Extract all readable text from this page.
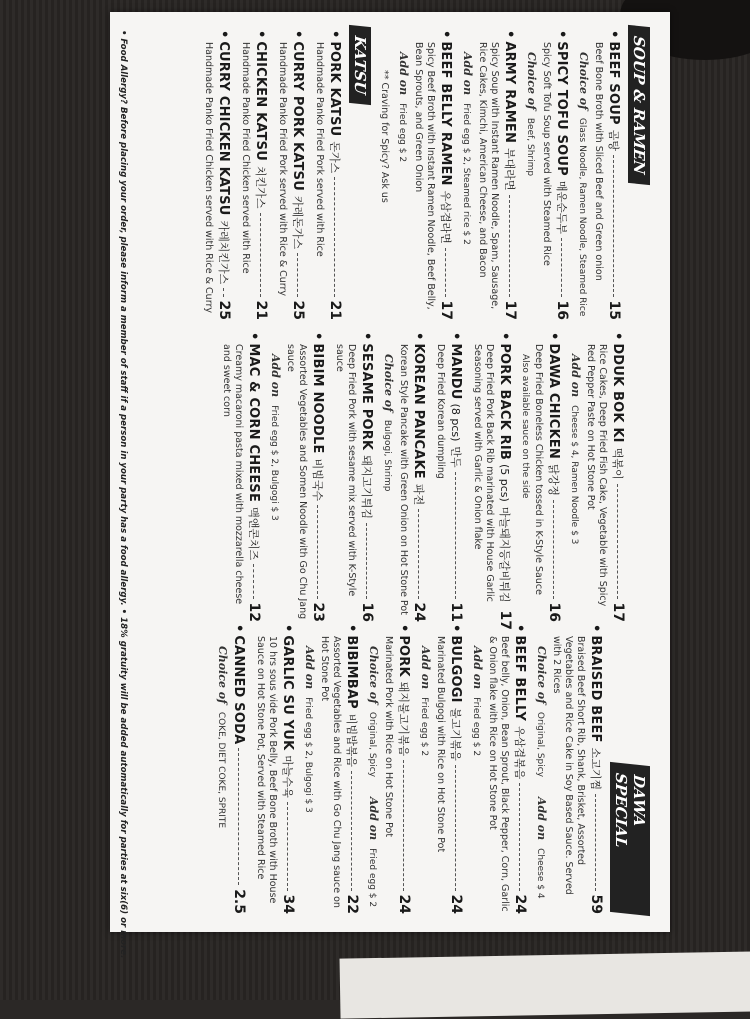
SOUP & RAMEN
•
BEEF SOUP
곰탕
15
Beef Bone Broth with Sliced Beef and Green onion
Choice ofGlass Noodle, Ramen Noodle, Steamed Rice
•
SPICY TOFU SOUP
매운순두부
16
Spicy Soft Tofu Soup served with Steamed Rice
Choice ofBeef, Shrimp
•
ARMY RAMEN
부대라면
17
Spicy Soup with Instant Ramen Noodle, Spam, Sausage, Rice Cakes, Kimchi, American Cheese, and Bacon
Add onFried egg $ 2, Steamed rice $ 2
•
BEEF BELLY RAMEN
우삼겹라면
17
Spicy Beef Broth with Instant Ramen Noodle, Beef Belly, Bean Sprouts, and Green Onion
Add onFried egg $ 2
** Craving for Spicy? Ask us
KATSU
•
PORK KATSU
돈가스
21
Handmade Panko Fried Pork served with Rice
•
CURRY PORK KATSU
카레돈가스
25
Handmade Panko Fried Pork served with Rice & Curry
•
CHICKEN KATSU
치킨가스
21
Handmade Panko Fried Chicken served with Rice
•
CURRY CHICKEN KATSU
카레치킨가스
25
Handmade Panko Fried Chicken served with Rice & Curry
•
DDUK BOK KI
떡볶이
17
Rice Cakes, Deep Fried Fish Cake, Vegetable with Spicy Red Pepper Paste on Hot Stone Pot
Add onCheese $ 4, Ramen Noodle $ 3
•
DAWA CHICKEN
닭강정
16
Deep Fried Boneless Chicken tossed in K-Style Sauce
Also available sauce on the side
•
PORK BACK RIB
(5 pcs)
마늘돼지등갈비튀김
17
Deep Fried Pork Back Rib marinated with House Garlic Seasoning served with Garlic & Onion flake
•
MANDU
(8 pcs)
만두
11
Deep Fried Korean dumpling
•
KOREAN PANCAKE
파전
24
Korean Style Pancake with Green Onion on Hot Stone Pot
Choice ofBulgogi, Shrimp
•
SESAME PORK
돼지고기튀김
16
Deep Fried Pork with sesame mix served with K-Style sauce
•
BIBIM NOODLE
비빔국수
23
Assorted Vegetables and Somen Noodle with Go Chu Jang sauce
Add onFried egg $ 2, Bulgogi $ 3
•
MAC & CORN CHEESE
맥앤콘치즈
12
Creamy macaroni pasta mixed with mozzarella cheese and sweet corn
DAWA SPECIAL
•
BRAISED BEEF
소고기찜
59
Braised Beef Short Rib, Shank, Brisket, Assorted Vegetables and Rice Cake in Soy Based Sauce. Served with 2 Rices
Choice ofOriginal, SpicyAdd onCheese $ 4
•
BEEF BELLY
우삼겹볶음
24
Beef belly, Onion, Bean Sprout, Black Pepper, Corn, Garlic & Onion flake with Rice on Hot Stone Pot
Add onFried egg $ 2
•
BULGOGI
불고기볶음
24
Marinated Bulgogi with Rice on Hot Stone Pot
Add onFried egg $ 2
•
PORK
돼지불고기볶음
24
Marinated Pork with Rice on Hot Stone Pot
Choice ofOriginal, SpicyAdd onFried egg $ 2
•
BIBIMBAP
비빔밥볶음
22
Assorted Vegetables and Rice with Go Chu Jang sauce on Hot Stone Pot
Add onFried egg $ 2, Bulgogi $ 3
•
GARLIC SU YUK
마늘수육
34
10 hrs sous vide Pork Belly, Beef Bone Broth with House Sauce on Hot Stone Pot, Served with Steamed Rice
•
CANNED SODA
2.5
Choice ofCOKE, DIET COKE, SPRITE
• Food Allergy? Before placing your order, please inform a member of staff if a person in your party has a food allergy. • 18% gratuity will be added automatically for parties at six(6) or more.
